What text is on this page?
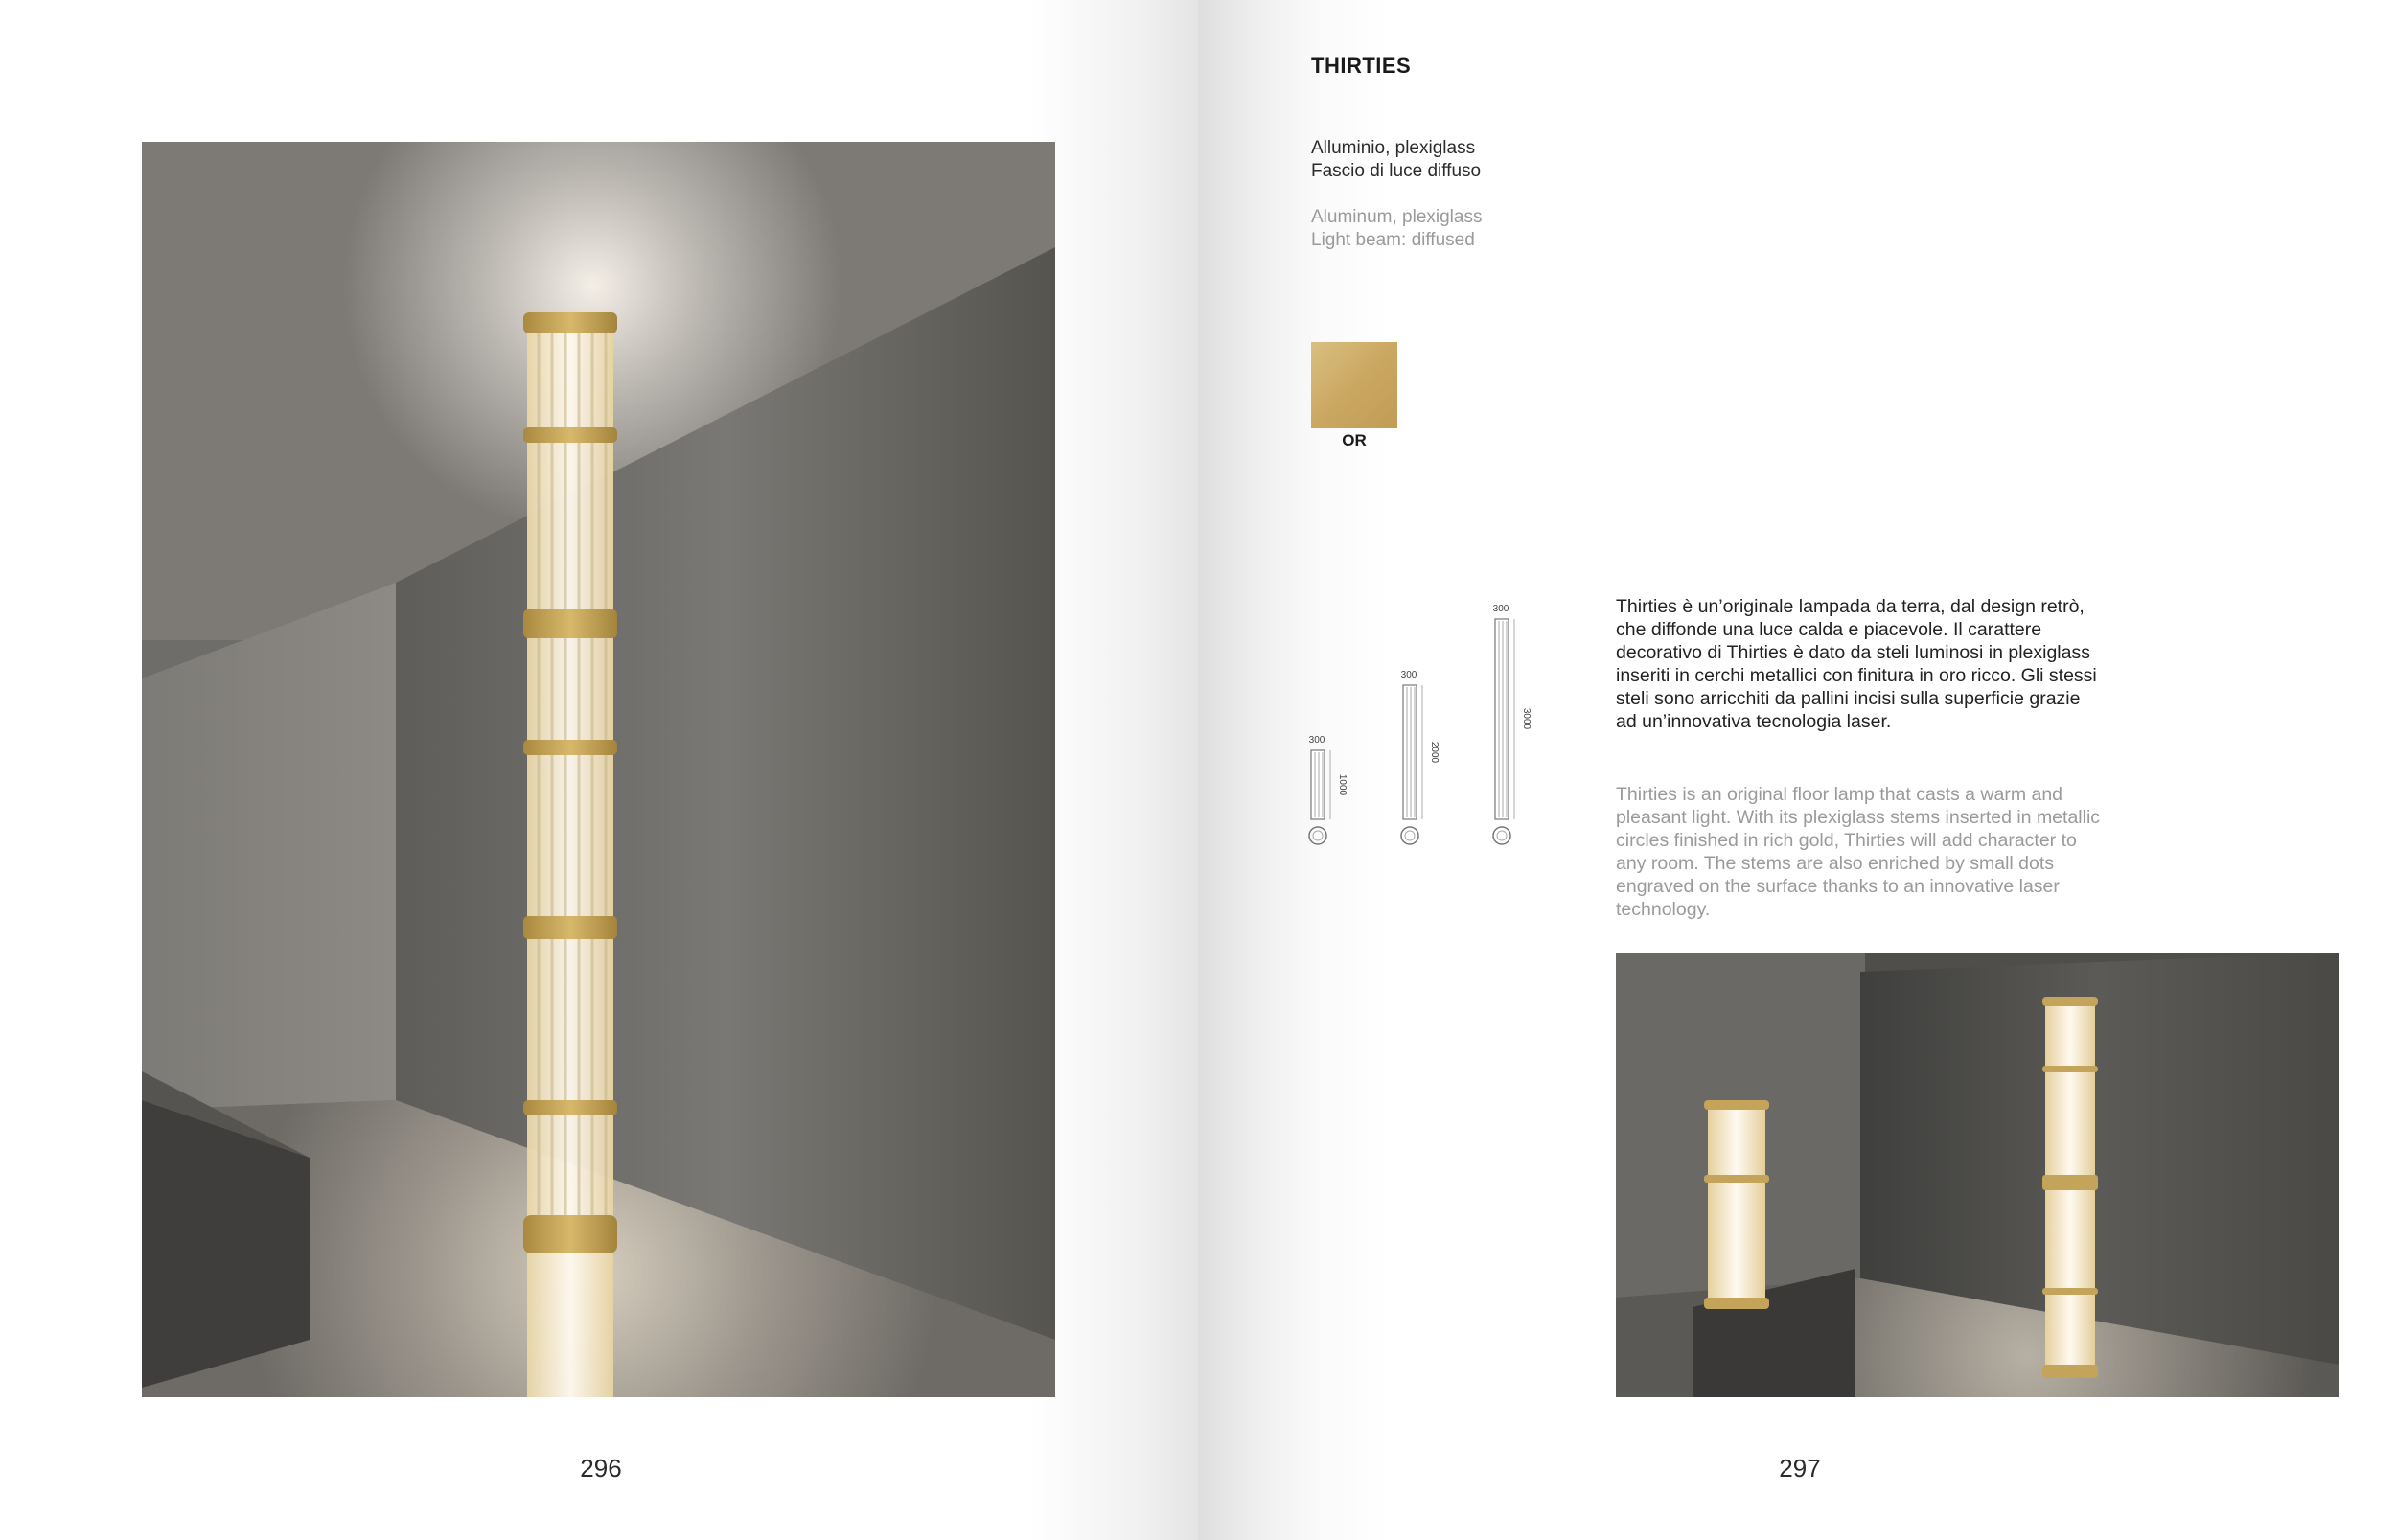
296
THIRTIES
Alluminio, plexiglass
Fascio di luce diffuso
Aluminum, plexiglass
Light beam: diffused
OR
300
1000
300
2000
300
3000

Thirties è un’originale lampada da terra, dal design retrò, che diffonde una luce calda e piacevole. Il carattere decorativo di Thirties è dato da steli luminosi in plexiglass inseriti in cerchi metallici con finitura in oro ricco. Gli stessi steli sono arricchiti da pallini incisi sulla superficie grazie ad un’innovativa tecnologia laser.

Thirties is an original floor lamp that casts a warm and pleasant light. With its plexiglass stems inserted in metallic circles finished in rich gold, Thirties will add character to any room. The stems are also enriched by small dots engraved on the surface thanks to an innovative laser technology.

297
